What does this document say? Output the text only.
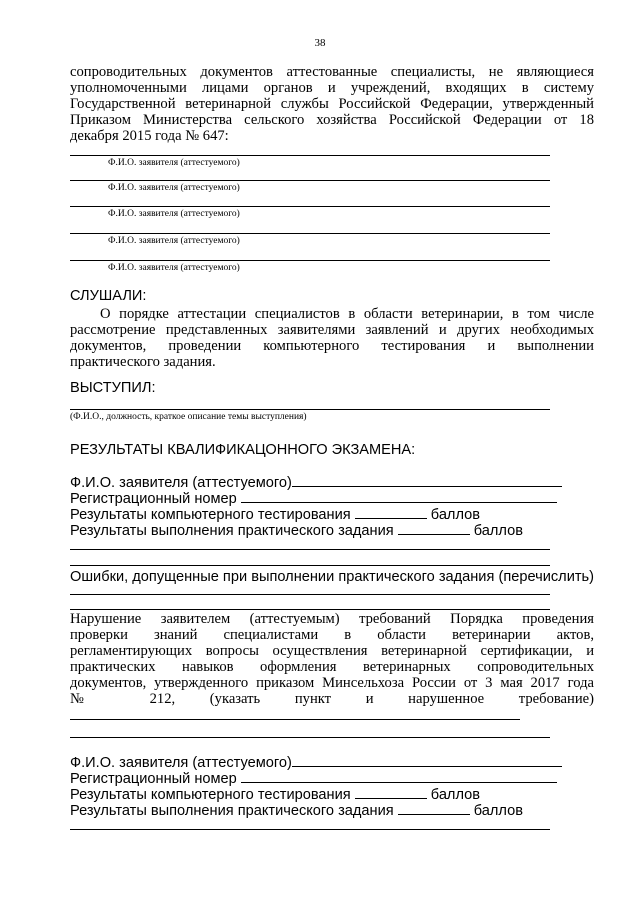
38
сопроводительных документов аттестованные специалисты, не являющиеся
уполномоченными лицами органов и учреждений, входящих в систему
Государственной ветеринарной службы Российской Федерации, утвержденный
Приказом Министерства сельского хозяйства Российской Федерации от 18
декабря 2015 года № 647:
Ф.И.О. заявителя (аттестуемого)
Ф.И.О. заявителя (аттестуемого)
Ф.И.О. заявителя (аттестуемого)
Ф.И.О. заявителя (аттестуемого)
Ф.И.О. заявителя (аттестуемого)
СЛУШАЛИ:
О порядке аттестации специалистов в области ветеринарии, в том числе
рассмотрение представленных заявителями заявлений и других необходимых
документов, проведении компьютерного тестирования и выполнении
практического задания.
ВЫСТУПИЛ:
(Ф.И.О., должность, краткое описание темы выступления)
РЕЗУЛЬТАТЫ КВАЛИФИКАЦОННОГО ЭКЗАМЕНА:
Ф.И.О. заявителя (аттестуемого)
Регистрационный номер
Результаты компьютерного тестирования	баллов
Результаты выполнения практического задания	баллов
Ошибки, допущенные при выполнении практического задания (перечислить)
Нарушение заявителем (аттестуемым) требований Порядка проведения
проверки знаний специалистами в области ветеринарии актов,
регламентирующих вопросы осуществления ветеринарной сертификации, и
практических навыков оформления ветеринарных сопроводительных
документов, утвержденного приказом Минсельхоза России от 3 мая 2017 года
№ 212, (указать пункт и нарушенное требование)
Ф.И.О. заявителя (аттестуемого)
Регистрационный номер
Результаты компьютерного тестирования	баллов
Результаты выполнения практического задания	баллов
